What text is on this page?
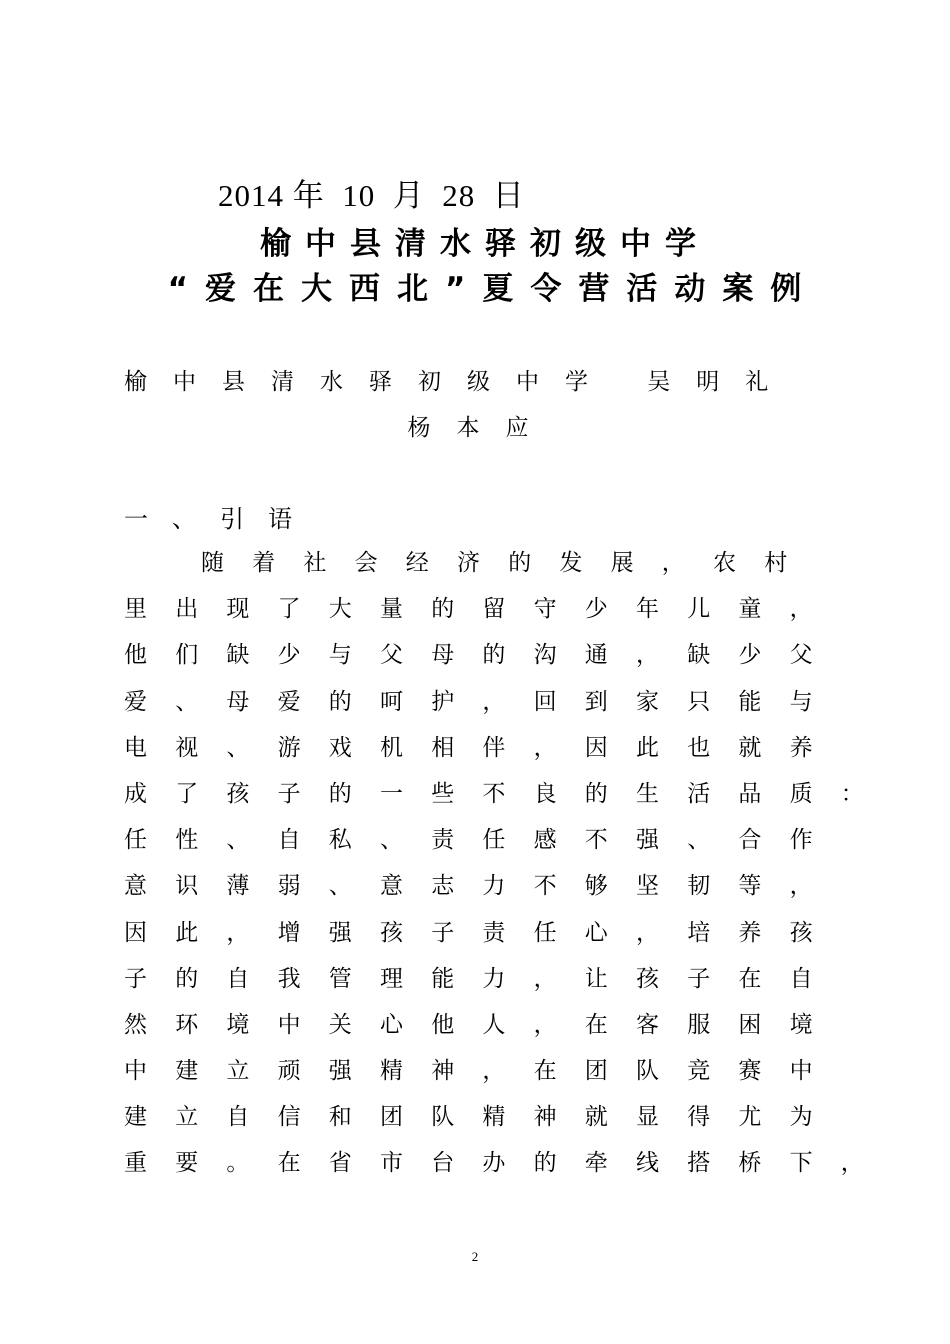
2014 年  10  月  28  日
榆中县清水驿初级中学
“爱在大西北”夏令营活动案例
榆中县清水驿初级中学 吴明礼
杨本应
一、引语
随着社会经济的发展，农村
里出现了大量的留守少年儿童，
他们缺少与父母的沟通，缺少父
爱、母爱的呵护，回到家只能与
电视、游戏机相伴，因此也就养
成了孩子的一些不良的生活品质：
任性、自私、责任感不强、合作
意识薄弱、意志力不够坚韧等，
因此，增强孩子责任心，培养孩
子的自我管理能力，让孩子在自
然环境中关心他人，在客服困境
中建立顽强精神，在团队竞赛中
建立自信和团队精神就显得尤为
重要。在省市台办的牵线搭桥下，
2
